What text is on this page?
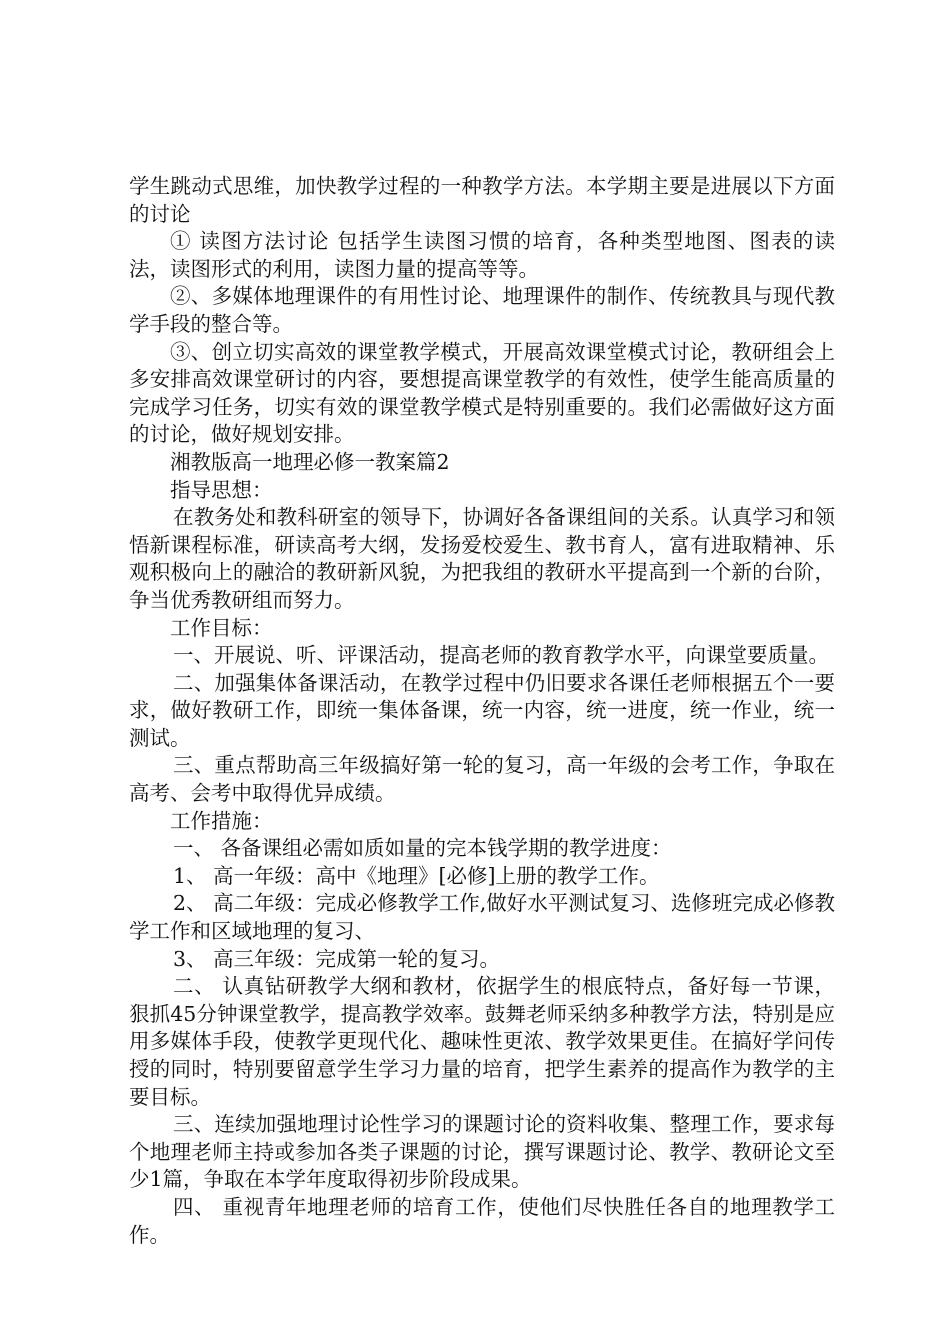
学生跳动式思维，加快教学过程的一种教学方法。本学期主要是进展以下方面的讨论

① 读图方法讨论 包括学生读图习惯的培育，各种类型地图、图表的读法，读图形式的利用，读图力量的提高等等。

②、多媒体地理课件的有用性讨论、地理课件的制作、传统教具与现代教学手段的整合等。

③、创立切实高效的课堂教学模式，开展高效课堂模式讨论，教研组会上多安排高效课堂研讨的内容，要想提高课堂教学的有效性，使学生能高质量的完成学习任务，切实有效的课堂教学模式是特别重要的。我们必需做好这方面的讨论，做好规划安排。

湘教版高一地理必修一教案篇2

指导思想：

在教务处和教科研室的领导下，协调好各备课组间的关系。认真学习和领悟新课程标准，研读高考大纲，发扬爱校爱生、教书育人，富有进取精神、乐观积极向上的融洽的教研新风貌，为把我组的教研水平提高到一个新的台阶，争当优秀教研组而努力。

工作目标：

一、开展说、听、评课活动，提高老师的教育教学水平，向课堂要质量。

二、加强集体备课活动，在教学过程中仍旧要求各课任老师根据五个一要求，做好教研工作，即统一集体备课，统一内容，统一进度，统一作业，统一测试。

三、重点帮助高三年级搞好第一轮的复习，高一年级的会考工作，争取在高考、会考中取得优异成绩。

工作措施：

一、 各备课组必需如质如量的完本钱学期的教学进度：

1、 高一年级：高中《地理》[必修]上册的教学工作。

2、 高二年级：完成必修教学工作,做好水平测试复习、选修班完成必修教学工作和区域地理的复习、

3、 高三年级：完成第一轮的复习。

二、 认真钻研教学大纲和教材，依据学生的根底特点，备好每一节课，狠抓45分钟课堂教学，提高教学效率。鼓舞老师采纳多种教学方法，特别是应用多媒体手段，使教学更现代化、趣味性更浓、教学效果更佳。在搞好学问传授的同时，特别要留意学生学习力量的培育，把学生素养的提高作为教学的主要目标。

三、连续加强地理讨论性学习的课题讨论的资料收集、整理工作，要求每个地理老师主持或参加各类子课题的讨论，撰写课题讨论、教学、教研论文至少1篇，争取在本学年度取得初步阶段成果。

四、 重视青年地理老师的培育工作，使他们尽快胜任各自的地理教学工作。
